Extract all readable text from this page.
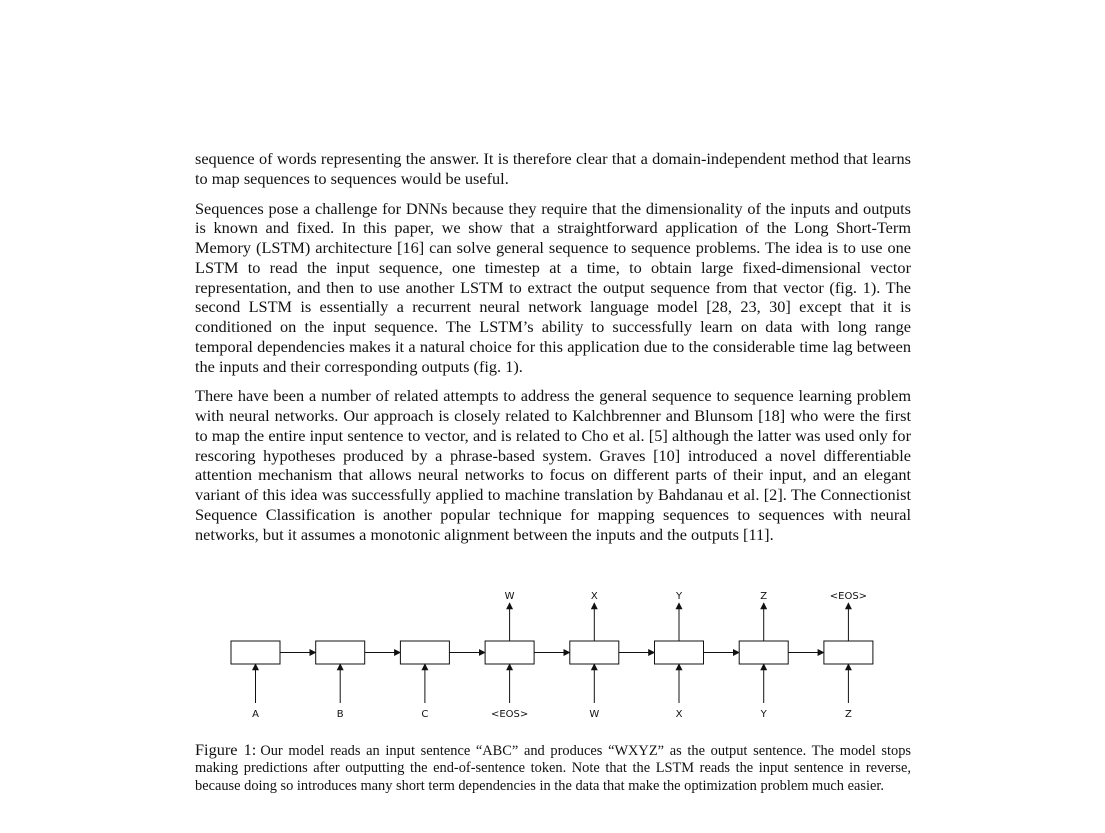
sequence of words representing the answer. It is therefore clear that a domain-independent method that learns to map sequences to sequences would be useful.

Sequences pose a challenge for DNNs because they require that the dimensionality of the inputs and outputs is known and fixed. In this paper, we show that a straightforward application of the Long Short-Term Memory (LSTM) architecture [16] can solve general sequence to sequence problems. The idea is to use one LSTM to read the input sequence, one timestep at a time, to obtain large fixed-dimensional vector representation, and then to use another LSTM to extract the output sequence from that vector (fig. 1). The second LSTM is essentially a recurrent neural network language model [28, 23, 30] except that it is conditioned on the input sequence. The LSTM’s ability to successfully learn on data with long range temporal dependencies makes it a natural choice for this application due to the considerable time lag between the inputs and their corresponding outputs (fig. 1).

There have been a number of related attempts to address the general sequence to sequence learning problem with neural networks. Our approach is closely related to Kalchbrenner and Blunsom [18] who were the first to map the entire input sentence to vector, and is related to Cho et al. [5] although the latter was used only for rescoring hypotheses produced by a phrase-based system. Graves [10] introduced a novel differentiable attention mechanism that allows neural networks to focus on different parts of their input, and an elegant variant of this idea was successfully applied to machine translation by Bahdanau et al. [2]. The Connectionist Sequence Classification is another popular technique for mapping sequences to sequences with neural networks, but it assumes a monotonic alignment between the inputs and the outputs [11].

A	B	C	<EOS>
W
W
X
X
Y
Y
Z
Z
<EOS>

Figure 1: Our model reads an input sentence “ABC” and produces “WXYZ” as the output sentence. The model stops making predictions after outputting the end-of-sentence token. Note that the LSTM reads the input sentence in reverse, because doing so introduces many short term dependencies in the data that make the optimization problem much easier.
